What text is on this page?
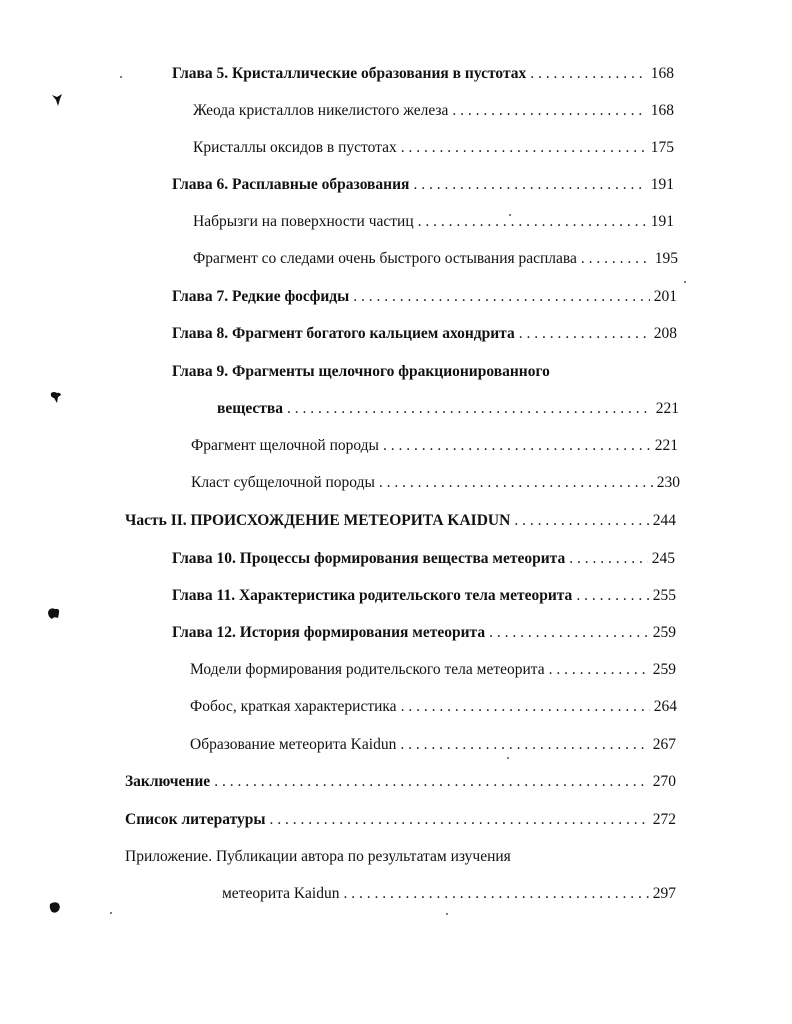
Глава 5. Кристаллические образования в пустотах . . .	168
Жеода кристаллов никелистого железа . . .	168
Кристаллы оксидов в пустотах . . .	175
Глава 6. Расплавные образования . . .	191
Набрызги на поверхности частиц . . .	191
Фрагмент со следами очень быстрого остывания расплава . . .	195
Глава 7. Редкие фосфиды . . .	201
Глава 8. Фрагмент богатого кальцием ахондрита . . .	208
Глава 9. Фрагменты щелочного фракционированного
вещества . . .	221
Фрагмент щелочной породы . . .	221
Класт субщелочной породы . . .	230
Часть II. ПРОИСХОЖДЕНИЕ МЕТЕОРИТА KAIDUN . . .	244
Глава 10. Процессы формирования вещества метеорита . . .	245
Глава 11. Характеристика родительского тела метеорита . . .	255
Глава 12. История формирования метеорита . . .	259
Модели формирования родительского тела метеорита . . .	259
Фобос, краткая характеристика . . .	264
Образование метеорита Kaidun . . .	267
Заключение . . .	270
Список литературы . . .	272
Приложение. Публикации автора по результатам изучения
метеорита Kaidun . . .	297
